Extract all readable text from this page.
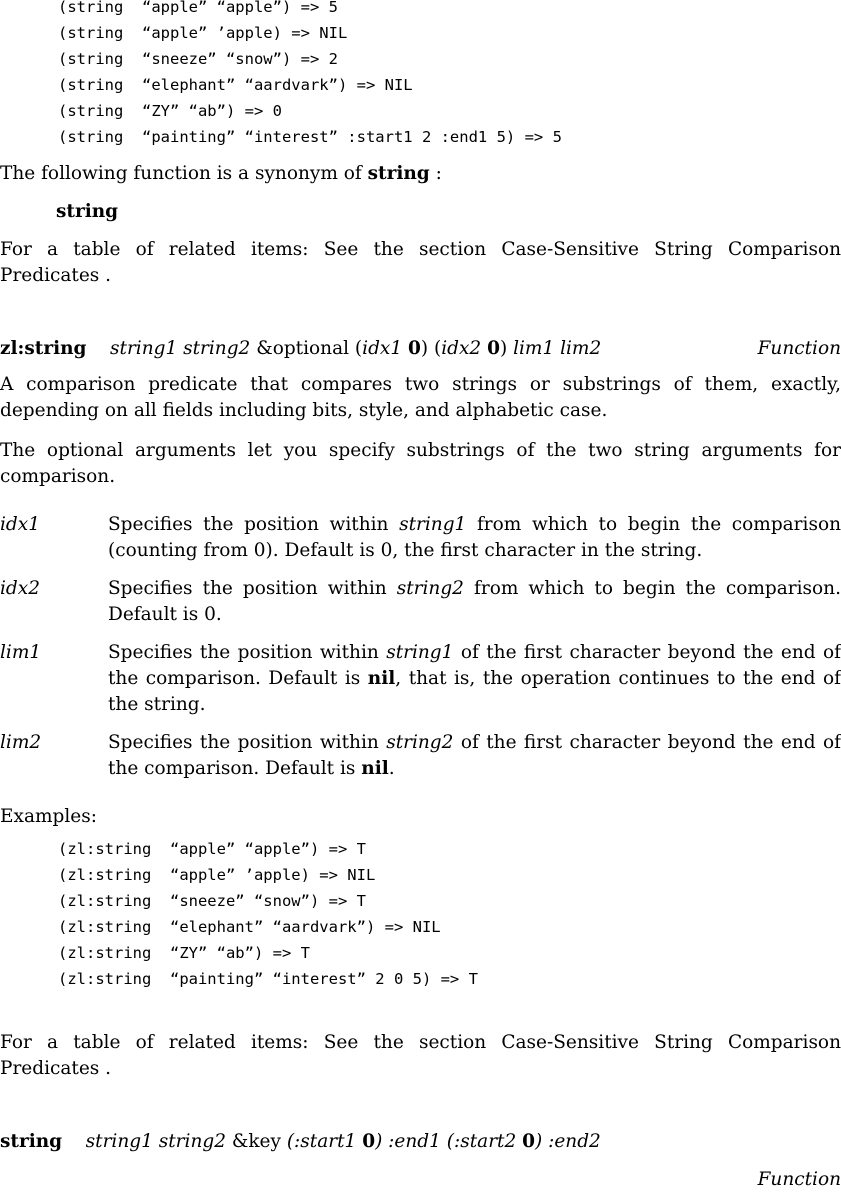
(string  “apple” “apple”) => 5
(string  “apple” ’apple) => NIL
(string  “sneeze” “snow”) => 2
(string  “elephant” “aardvark”) => NIL
(string  “ZY” “ab”) => 0
(string  “painting” “interest” :start1 2 :end1 5) => 5
The following function is a synonym of string :
string
For a table of related items: See the section Case-Sensitive String Comparison Predicates .
zl:string string1 string2 &optional (idx1 0) (idx2 0) lim1 lim2	Function
A comparison predicate that compares two strings or substrings of them, exactly, depending on all fields including bits, style, and alphabetic case.
The optional arguments let you specify substrings of the two string arguments for comparison.
idx1	Specifies the position within string1 from which to begin the comparison (counting from 0). Default is 0, the first character in the string.
idx2	Specifies the position within string2 from which to begin the comparison. Default is 0.
lim1	Specifies the position within string1 of the first character beyond the end of the comparison. Default is nil, that is, the operation continues to the end of the string.
lim2	Specifies the position within string2 of the first character beyond the end of the comparison. Default is nil.
Examples:
(zl:string  “apple” “apple”) => T
(zl:string  “apple” ’apple) => NIL
(zl:string  “sneeze” “snow”) => T
(zl:string  “elephant” “aardvark”) => NIL
(zl:string  “ZY” “ab”) => T
(zl:string  “painting” “interest” 2 0 5) => T
For a table of related items: See the section Case-Sensitive String Comparison Predicates .
string string1 string2 &key (:start1 0) :end1 (:start2 0) :end2
Function
